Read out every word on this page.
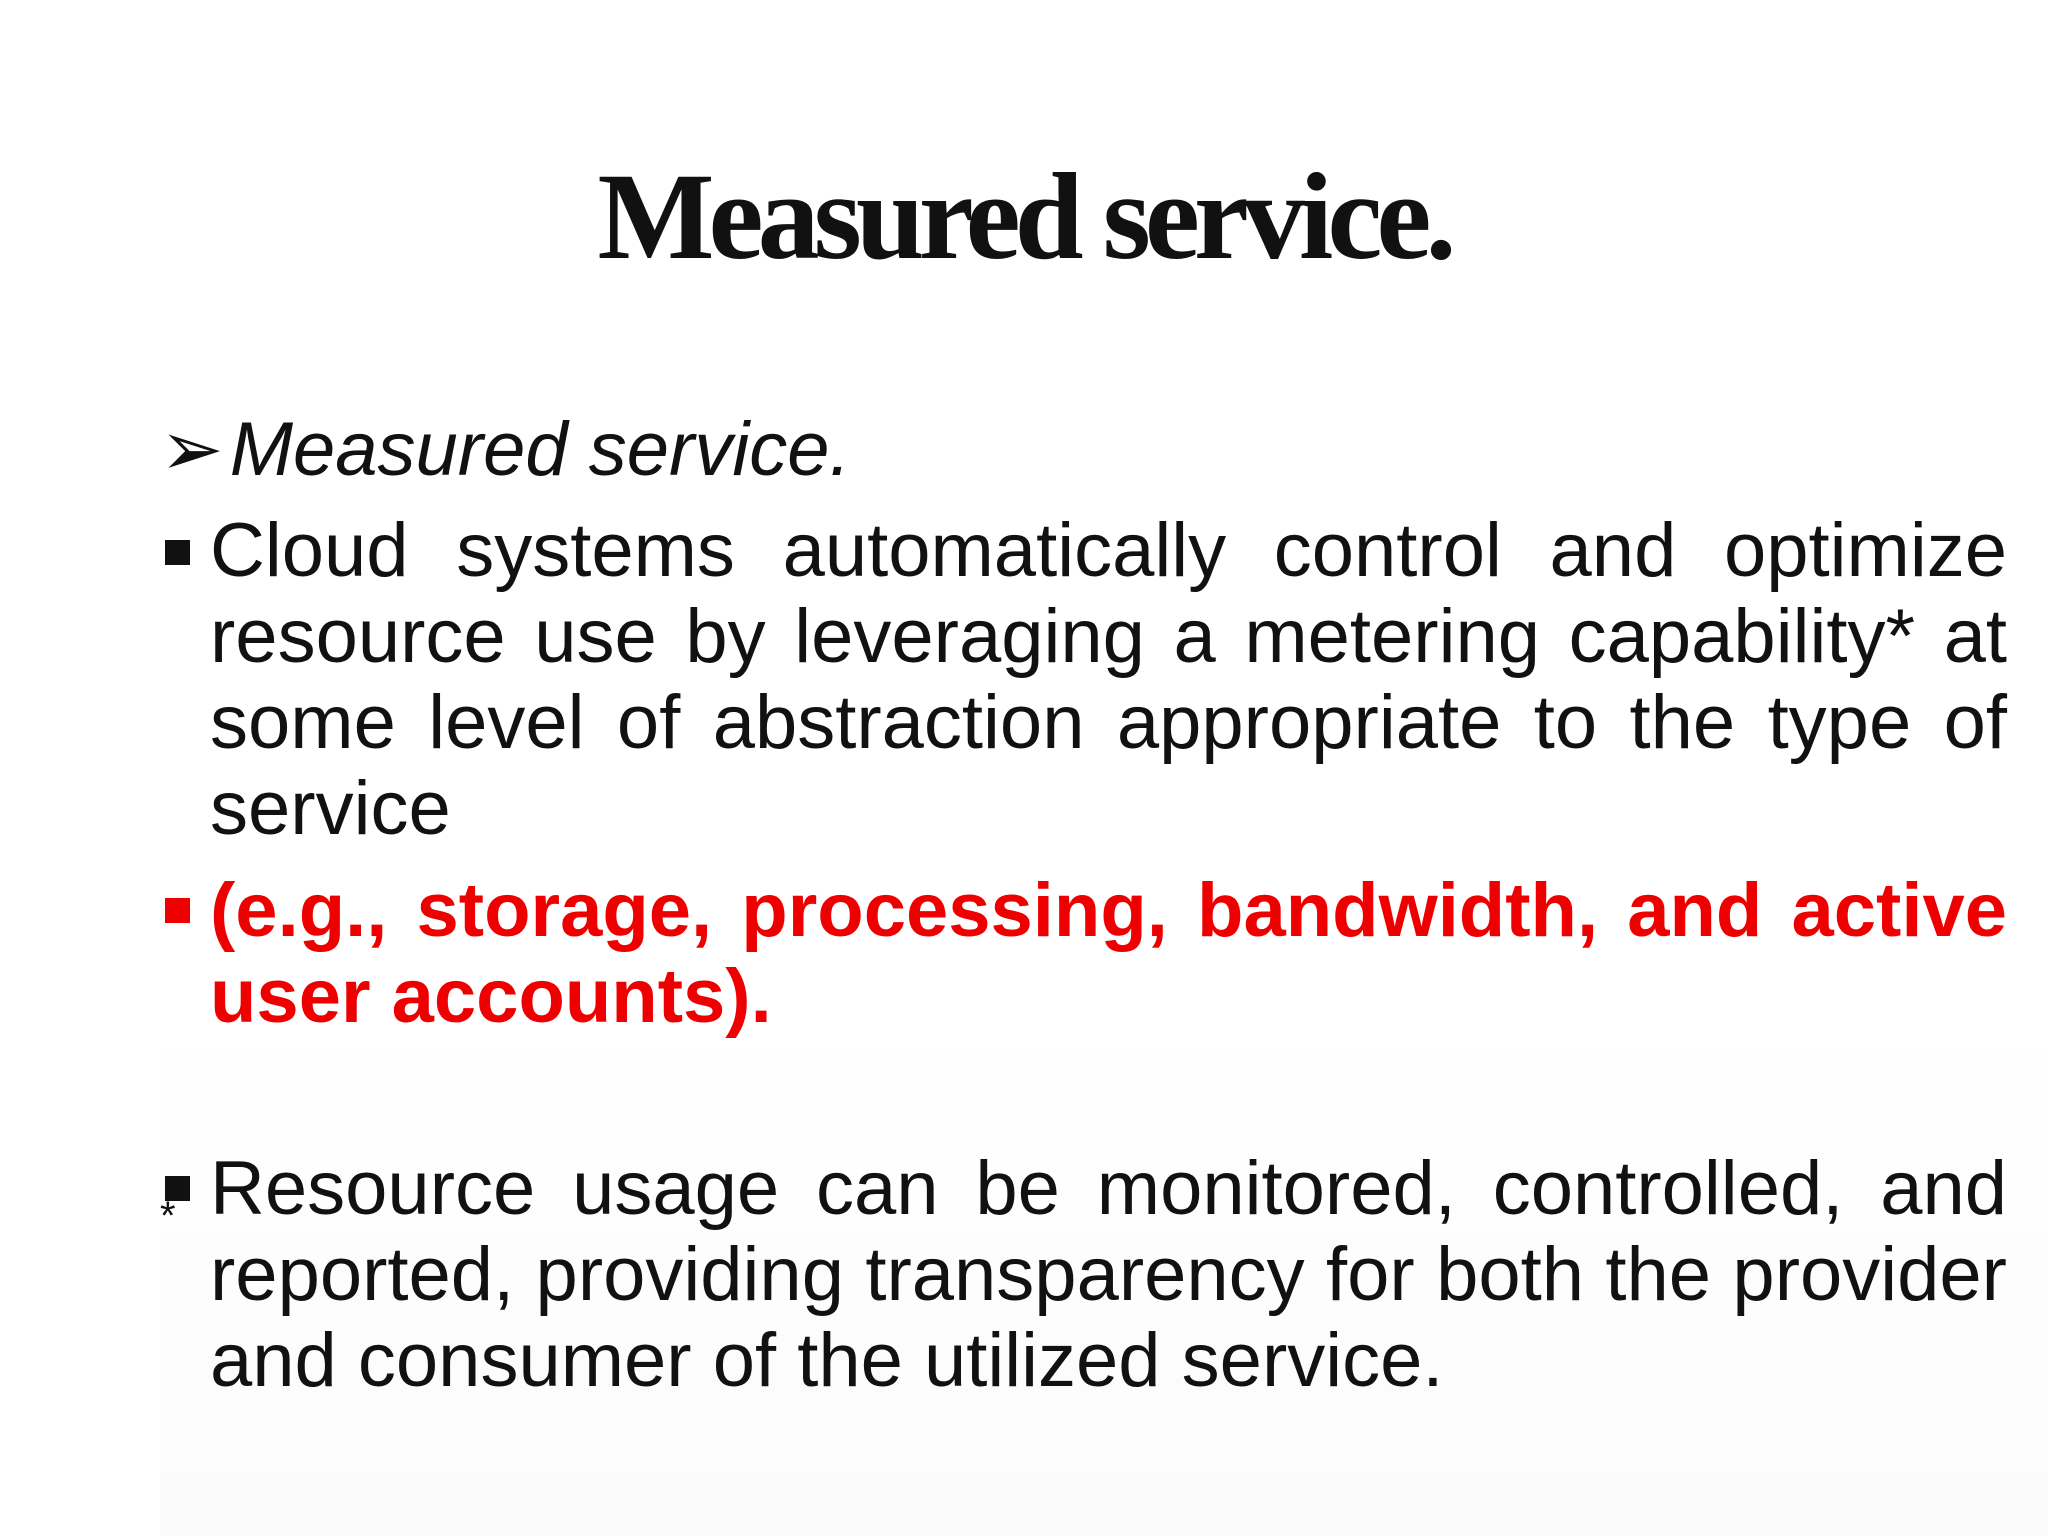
Measured service.
➢Measured service.
Cloud systems automatically control and optimize resource use by leveraging a metering capability* at some level of abstraction appropriate to the type of service
(e.g., storage, processing, bandwidth, and active user accounts).
* Resource usage can be monitored, controlled, and reported, providing transparency for both the provider and consumer of the utilized service.
